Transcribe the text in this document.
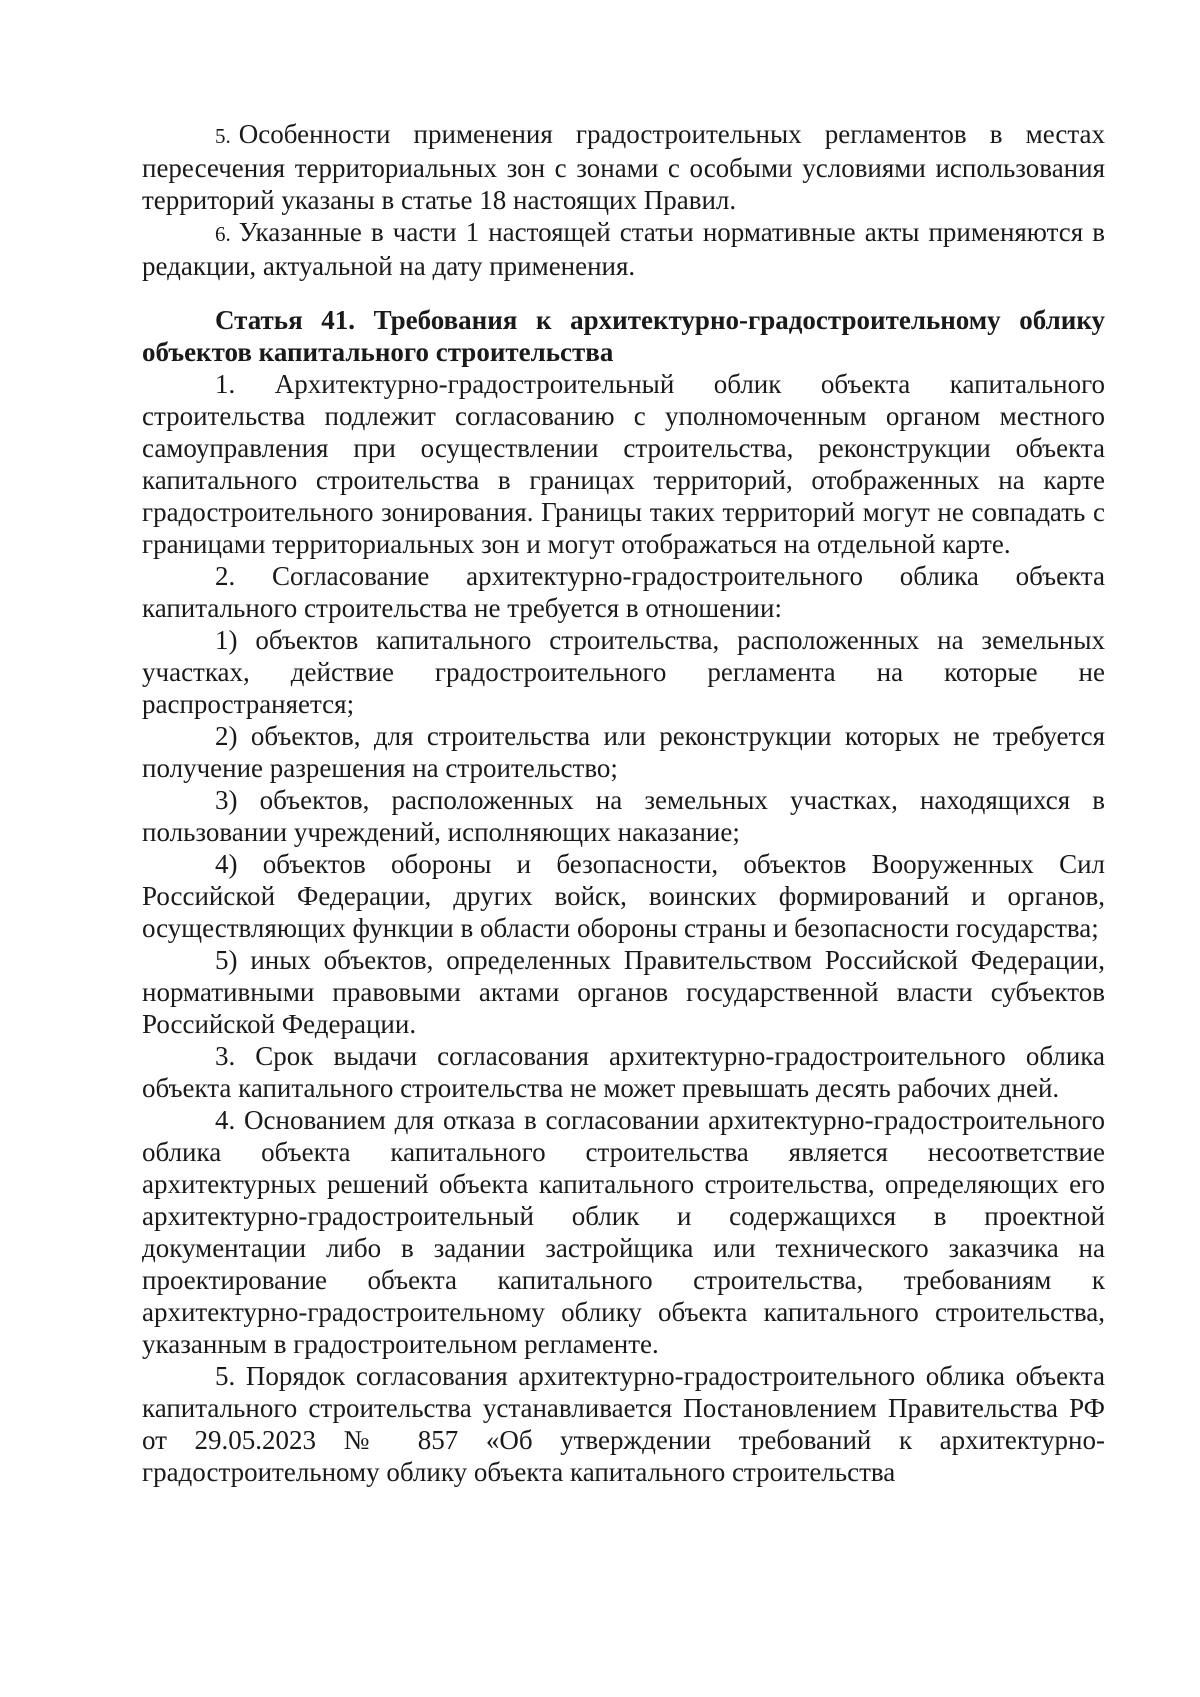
5. Особенности применения градостроительных регламентов в местах пересечения территориальных зон с зонами с особыми условиями использования территорий указаны в статье 18 настоящих Правил.

6. Указанные в части 1 настоящей статьи нормативные акты применяются в редакции, актуальной на дату применения.

Статья 41. Требования к архитектурно-градостроительному облику объектов капитального строительства

1. Архитектурно-градостроительный облик объекта капитального строительства подлежит согласованию с уполномоченным органом местного самоуправления при осуществлении строительства, реконструкции объекта капитального строительства в границах территорий, отображенных на карте градостроительного зонирования. Границы таких территорий могут не совпадать с границами территориальных зон и могут отображаться на отдельной карте.

2. Согласование архитектурно-градостроительного облика объекта капитального строительства не требуется в отношении:

1) объектов капитального строительства, расположенных на земельных участках, действие градостроительного регламента на которые не распространяется;

2) объектов, для строительства или реконструкции которых не требуется получение разрешения на строительство;

3) объектов, расположенных на земельных участках, находящихся в пользовании учреждений, исполняющих наказание;

4) объектов обороны и безопасности, объектов Вооруженных Сил Российской Федерации, других войск, воинских формирований и органов, осуществляющих функции в области обороны страны и безопасности государства;

5) иных объектов, определенных Правительством Российской Федерации, нормативными правовыми актами органов государственной власти субъектов Российской Федерации.

3. Срок выдачи согласования архитектурно-градостроительного облика объекта капитального строительства не может превышать десять рабочих дней.

4. Основанием для отказа в согласовании архитектурно-градостроительного облика объекта капитального строительства является несоответствие архитектурных решений объекта капитального строительства, определяющих его архитектурно-градостроительный облик и содержащихся в проектной документации либо в задании застройщика или технического заказчика на проектирование объекта капитального строительства, требованиям к архитектурно-градостроительному облику объекта капитального строительства, указанным в градостроительном регламенте.

5. Порядок согласования архитектурно-градостроительного облика объекта капитального строительства устанавливается Постановлением Правительства РФ от 29.05.2023 № 857 «Об утверждении требований к архитектурно-градостроительному облику объекта капитального строительства
